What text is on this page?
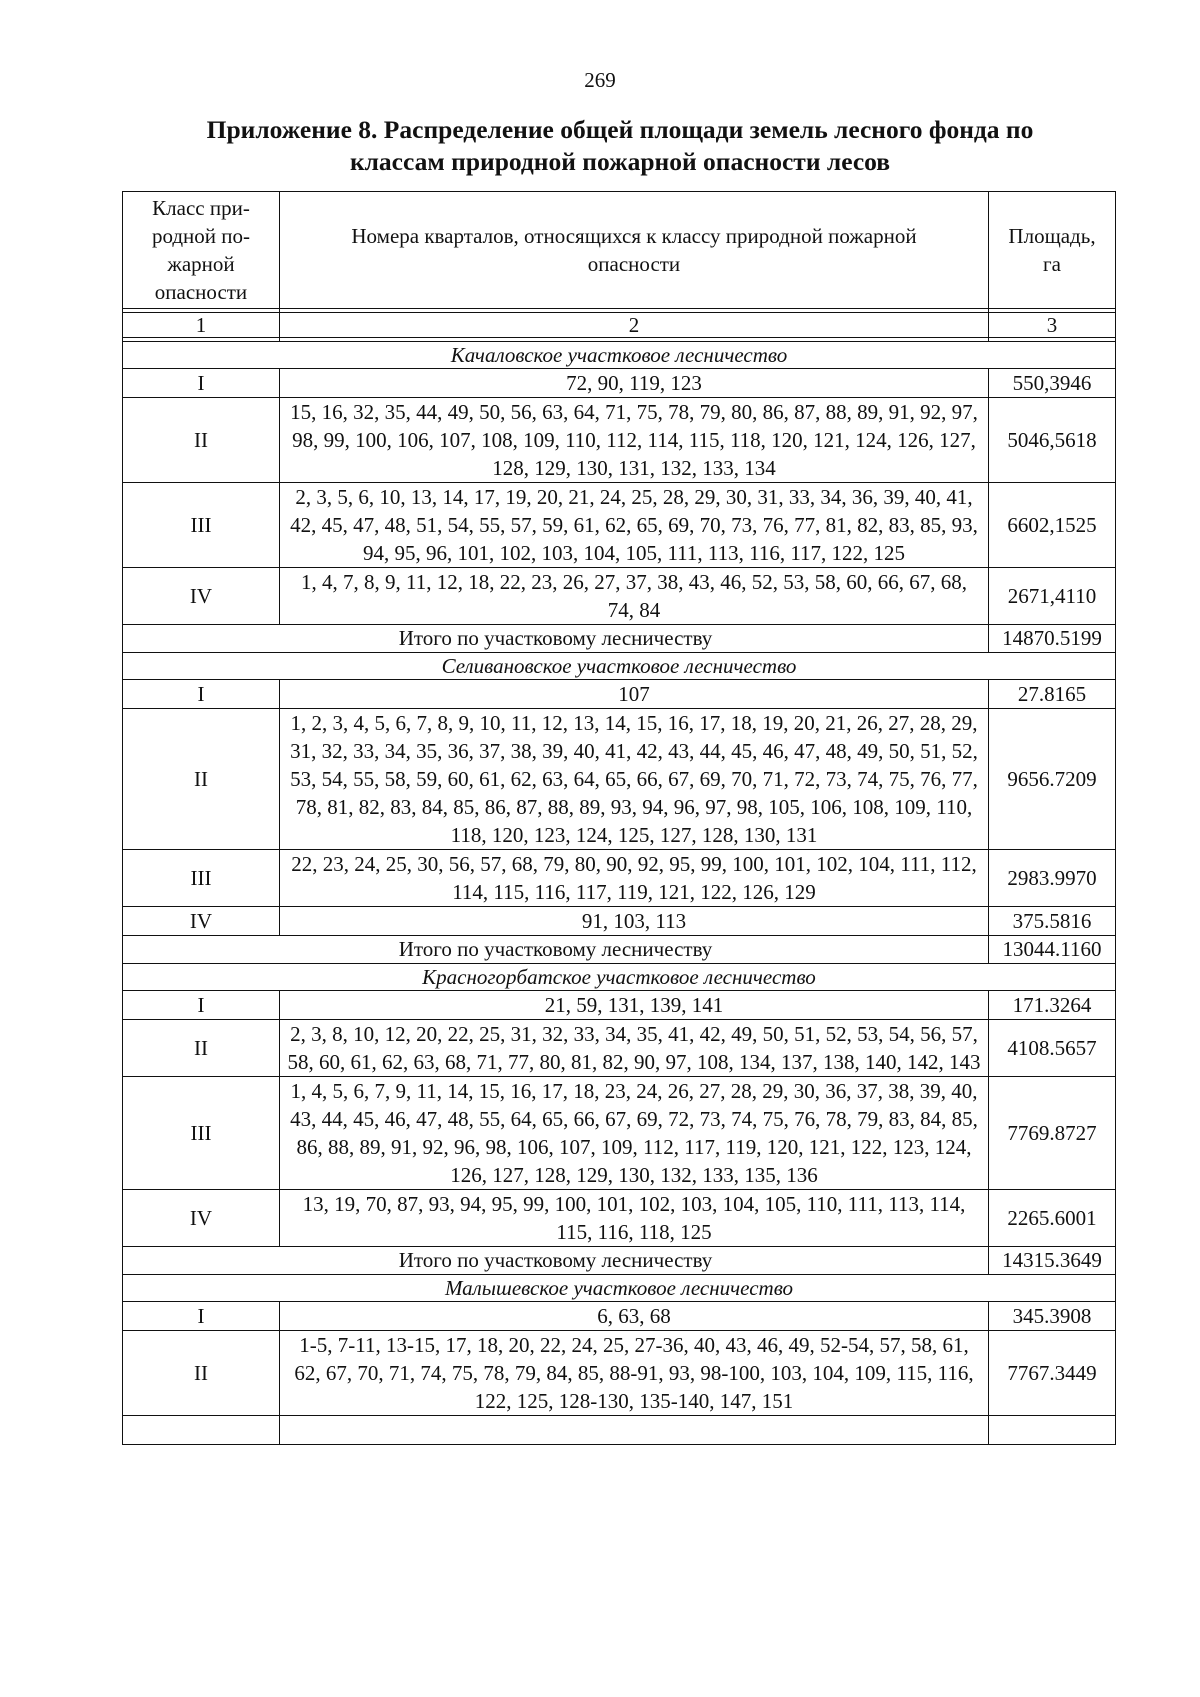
269
Приложение 8. Распределение общей площади земель лесного фонда по
классам природной пожарной опасности лесов
Класс при-родной по-жарной опасности	Номера кварталов, относящихся к классу природной пожарной опасности	Площадь, га

1	2	3

Качаловское участковое лесничество		
I	72, 90, 119, 123	550,3946
II	15, 16, 32, 35, 44, 49, 50, 56, 63, 64, 71, 75, 78, 79, 80, 86, 87, 88, 89, 91, 92, 97, 98, 99, 100, 106, 107, 108, 109, 110, 112, 114, 115, 118, 120, 121, 124, 126, 127, 128, 129, 130, 131, 132, 133, 134	5046,5618
III	2, 3, 5, 6, 10, 13, 14, 17, 19, 20, 21, 24, 25, 28, 29, 30, 31, 33, 34, 36, 39, 40, 41, 42, 45, 47, 48, 51, 54, 55, 57, 59, 61, 62, 65, 69, 70, 73, 76, 77, 81, 82, 83, 85, 93, 94, 95, 96, 101, 102, 103, 104, 105, 111, 113, 116, 117, 122, 125	6602,1525
IV	1, 4, 7, 8, 9, 11, 12, 18, 22, 23, 26, 27, 37, 38, 43, 46, 52, 53, 58, 60, 66, 67, 68, 74, 84	2671,4110
Итого по участковому лесничеству		14870.5199
Селивановское участковое лесничество		
I	107	27.8165
II	1, 2, 3, 4, 5, 6, 7, 8, 9, 10, 11, 12, 13, 14, 15, 16, 17, 18, 19, 20, 21, 26, 27, 28, 29, 31, 32, 33, 34, 35, 36, 37, 38, 39, 40, 41, 42, 43, 44, 45, 46, 47, 48, 49, 50, 51, 52, 53, 54, 55, 58, 59, 60, 61, 62, 63, 64, 65, 66, 67, 69, 70, 71, 72, 73, 74, 75, 76, 77, 78, 81, 82, 83, 84, 85, 86, 87, 88, 89, 93, 94, 96, 97, 98, 105, 106, 108, 109, 110, 118, 120, 123, 124, 125, 127, 128, 130, 131	9656.7209
III	22, 23, 24, 25, 30, 56, 57, 68, 79, 80, 90, 92, 95, 99, 100, 101, 102, 104, 111, 112, 114, 115, 116, 117, 119, 121, 122, 126, 129	2983.9970
IV	91, 103, 113	375.5816
Итого по участковому лесничеству		13044.1160
Красногорбатское участковое лесничество		
I	21, 59, 131, 139, 141	171.3264
II	2, 3, 8, 10, 12, 20, 22, 25, 31, 32, 33, 34, 35, 41, 42, 49, 50, 51, 52, 53, 54, 56, 57, 58, 60, 61, 62, 63, 68, 71, 77, 80, 81, 82, 90, 97, 108, 134, 137, 138, 140, 142, 143	4108.5657
III	1, 4, 5, 6, 7, 9, 11, 14, 15, 16, 17, 18, 23, 24, 26, 27, 28, 29, 30, 36, 37, 38, 39, 40, 43, 44, 45, 46, 47, 48, 55, 64, 65, 66, 67, 69, 72, 73, 74, 75, 76, 78, 79, 83, 84, 85, 86, 88, 89, 91, 92, 96, 98, 106, 107, 109, 112, 117, 119, 120, 121, 122, 123, 124, 126, 127, 128, 129, 130, 132, 133, 135, 136	7769.8727
IV	13, 19, 70, 87, 93, 94, 95, 99, 100, 101, 102, 103, 104, 105, 110, 111, 113, 114, 115, 116, 118, 125	2265.6001
Итого по участковому лесничеству		14315.3649
Малышевское участковое лесничество		
I	6, 63, 68	345.3908
II	1-5, 7-11, 13-15, 17, 18, 20, 22, 24, 25, 27-36, 40, 43, 46, 49, 52-54, 57, 58, 61, 62, 67, 70, 71, 74, 75, 78, 79, 84, 85, 88-91, 93, 98-100, 103, 104, 109, 115, 116, 122, 125, 128-130, 135-140, 147, 151	7767.3449
